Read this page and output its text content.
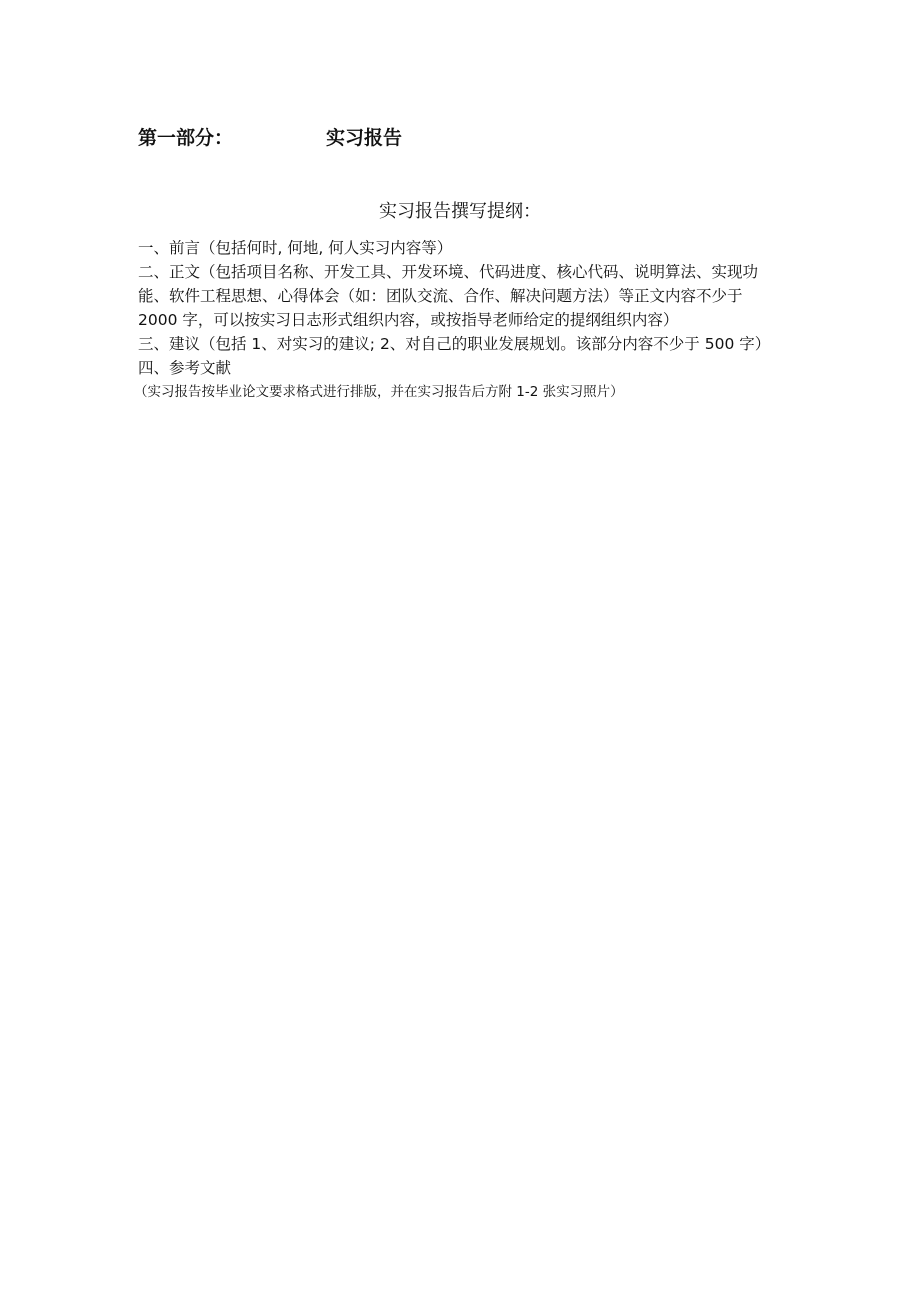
第一部分：	实习报告
实习报告撰写提纲：

一、前言（包括何时, 何地, 何人实习内容等）

二、正文（包括项目名称、开发工具、开发环境、代码进度、核心代码、说明算法、实现功能、软件工程思想、心得体会（如：团队交流、合作、解决问题方法）等正文内容不少于 2000 字，可以按实习日志形式组织内容，或按指导老师给定的提纲组织内容）

三、建议（包括 1、对实习的建议; 2、对自己的职业发展规划。该部分内容不少于 500 字）

四、参考文献

（实习报告按毕业论文要求格式进行排版，并在实习报告后方附 1-2 张实习照片）
